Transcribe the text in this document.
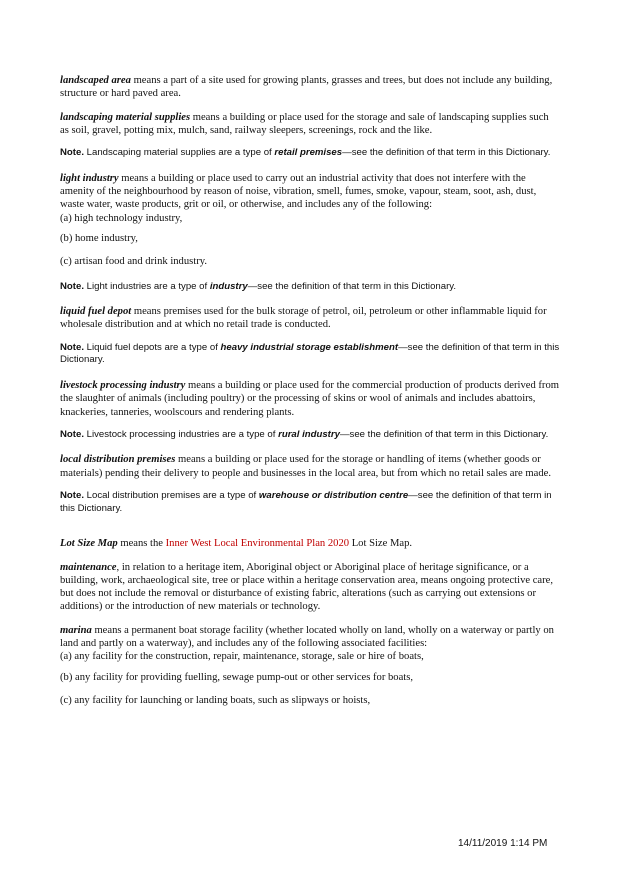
landscaped area means a part of a site used for growing plants, grasses and trees, but does not include any building, structure or hard paved area.

landscaping material supplies means a building or place used for the storage and sale of landscaping supplies such as soil, gravel, potting mix, mulch, sand, railway sleepers, screenings, rock and the like.

Note. Landscaping material supplies are a type of retail premises—see the definition of that term in this Dictionary.

light industry means a building or place used to carry out an industrial activity that does not interfere with the amenity of the neighbourhood by reason of noise, vibration, smell, fumes, smoke, vapour, steam, soot, ash, dust, waste water, waste products, grit or oil, or otherwise, and includes any of the following:
(a) high technology industry,

(b) home industry,

(c) artisan food and drink industry.

Note. Light industries are a type of industry—see the definition of that term in this Dictionary.

liquid fuel depot means premises used for the bulk storage of petrol, oil, petroleum or other inflammable liquid for wholesale distribution and at which no retail trade is conducted.

Note. Liquid fuel depots are a type of heavy industrial storage establishment—see the definition of that term in this Dictionary.

livestock processing industry means a building or place used for the commercial production of products derived from the slaughter of animals (including poultry) or the processing of skins or wool of animals and includes abattoirs, knackeries, tanneries, woolscours and rendering plants.

Note. Livestock processing industries are a type of rural industry—see the definition of that term in this Dictionary.

local distribution premises means a building or place used for the storage or handling of items (whether goods or materials) pending their delivery to people and businesses in the local area, but from which no retail sales are made.

Note. Local distribution premises are a type of warehouse or distribution centre—see the definition of that term in this Dictionary.

Lot Size Map means the Inner West Local Environmental Plan 2020 Lot Size Map.

maintenance, in relation to a heritage item, Aboriginal object or Aboriginal place of heritage significance, or a building, work, archaeological site, tree or place within a heritage conservation area, means ongoing protective care, but does not include the removal or disturbance of existing fabric, alterations (such as carrying out extensions or additions) or the introduction of new materials or technology.

marina means a permanent boat storage facility (whether located wholly on land, wholly on a waterway or partly on land and partly on a waterway), and includes any of the following associated facilities:
(a) any facility for the construction, repair, maintenance, storage, sale or hire of boats,

(b) any facility for providing fuelling, sewage pump-out or other services for boats,

(c) any facility for launching or landing boats, such as slipways or hoists,

14/11/2019 1:14 PM
